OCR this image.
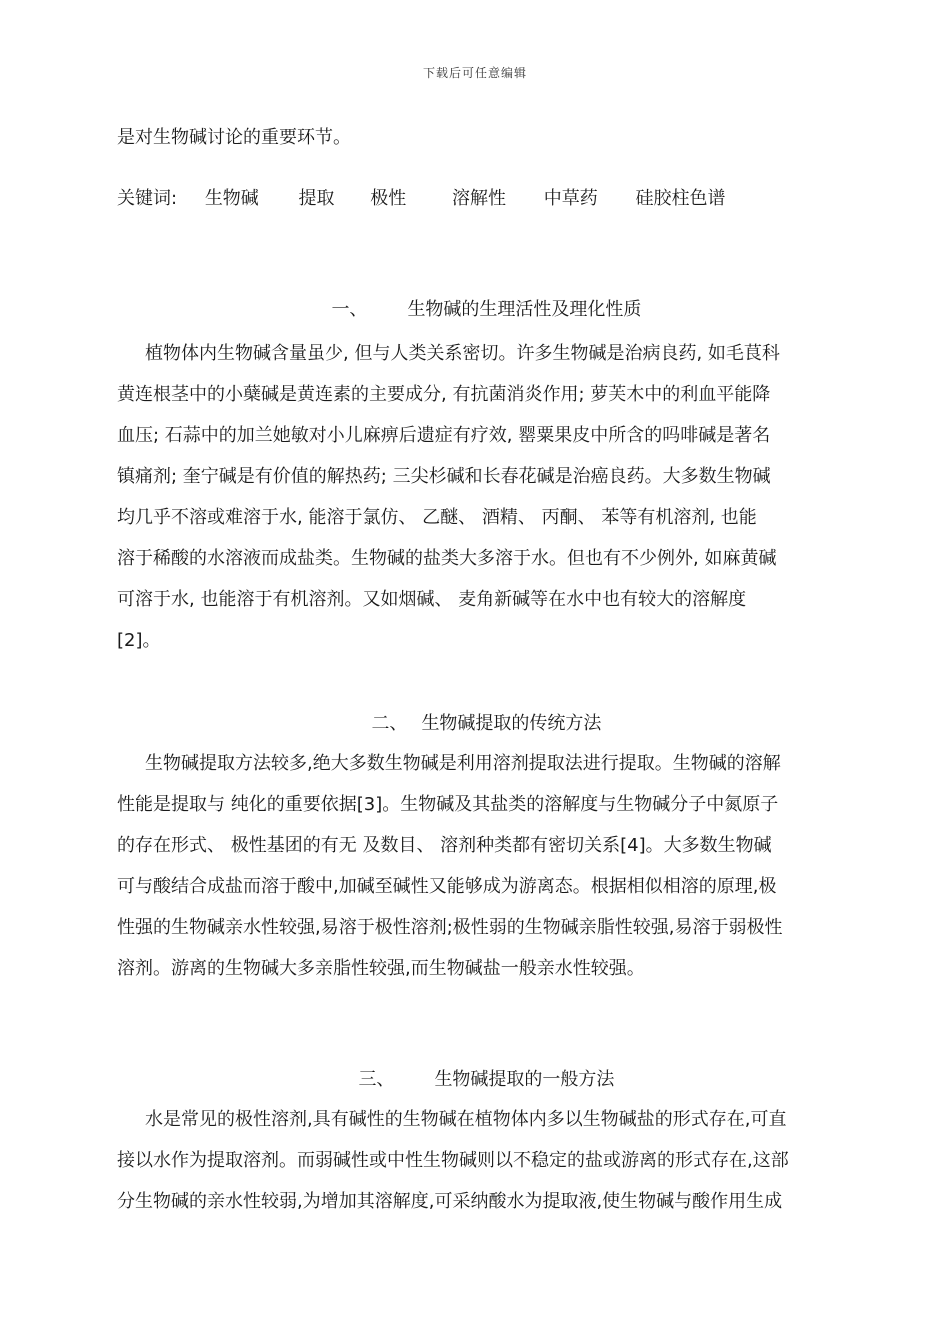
下载后可任意编辑
是对生物碱讨论的重要环节。
关键词: 生物碱 提取 极性	溶解性 中草药 硅胶柱色谱

一、 生物碱的生理活性及理化性质

植物体内生物碱含量虽少, 但与人类关系密切。许多生物碱是治病良药, 如毛茛科
黄连根茎中的小蘖碱是黄连素的主要成分, 有抗菌消炎作用; 萝芙木中的利血平能降
血压; 石蒜中的加兰她敏对小儿麻痹后遗症有疗效, 罂粟果皮中所含的吗啡碱是著名
镇痛剂; 奎宁碱是有价值的解热药; 三尖杉碱和长春花碱是治癌良药。大多数生物碱
均几乎不溶或难溶于水, 能溶于氯仿、 乙醚、 酒精、 丙酮、 苯等有机溶剂, 也能
溶于稀酸的水溶液而成盐类。生物碱的盐类大多溶于水。但也有不少例外, 如麻黄碱
可溶于水, 也能溶于有机溶剂。又如烟碱、 麦角新碱等在水中也有较大的溶解度
[2]。

二、 生物碱提取的传统方法

生物碱提取方法较多,绝大多数生物碱是利用溶剂提取法进行提取。生物碱的溶解
性能是提取与 纯化的重要依据[3]。生物碱及其盐类的溶解度与生物碱分子中氮原子
的存在形式、 极性基团的有无 及数目、 溶剂种类都有密切关系[4]。大多数生物碱
可与酸结合成盐而溶于酸中,加碱至碱性又能够成为游离态。根据相似相溶的原理,极
性强的生物碱亲水性较强,易溶于极性溶剂;极性弱的生物碱亲脂性较强,易溶于弱极性
溶剂。游离的生物碱大多亲脂性较强,而生物碱盐一般亲水性较强。

三、 生物碱提取的一般方法

水是常见的极性溶剂,具有碱性的生物碱在植物体内多以生物碱盐的形式存在,可直
接以水作为提取溶剂。而弱碱性或中性生物碱则以不稳定的盐或游离的形式存在,这部
分生物碱的亲水性较弱,为增加其溶解度,可采纳酸水为提取液,使生物碱与酸作用生成
